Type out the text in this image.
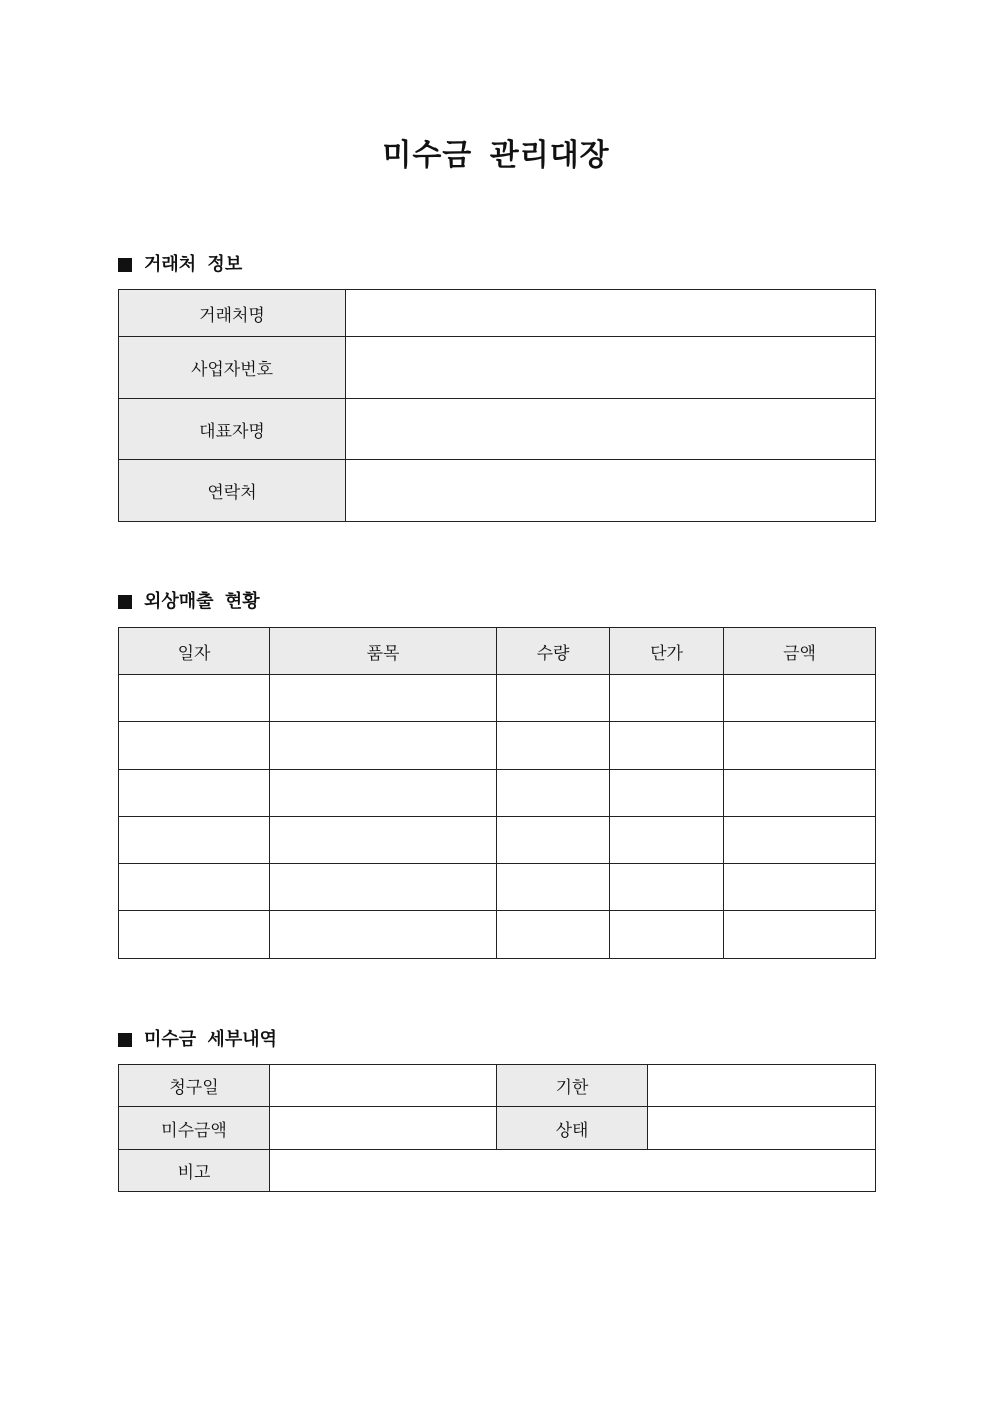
미수금 관리대장
거래처 정보
거래처명	
사업자번호	
대표자명	
연락처	
외상매출 현황
일자	품목	수량	단가	금액

미수금 세부내역
청구일		기한	
미수금액		상태	
비고			
